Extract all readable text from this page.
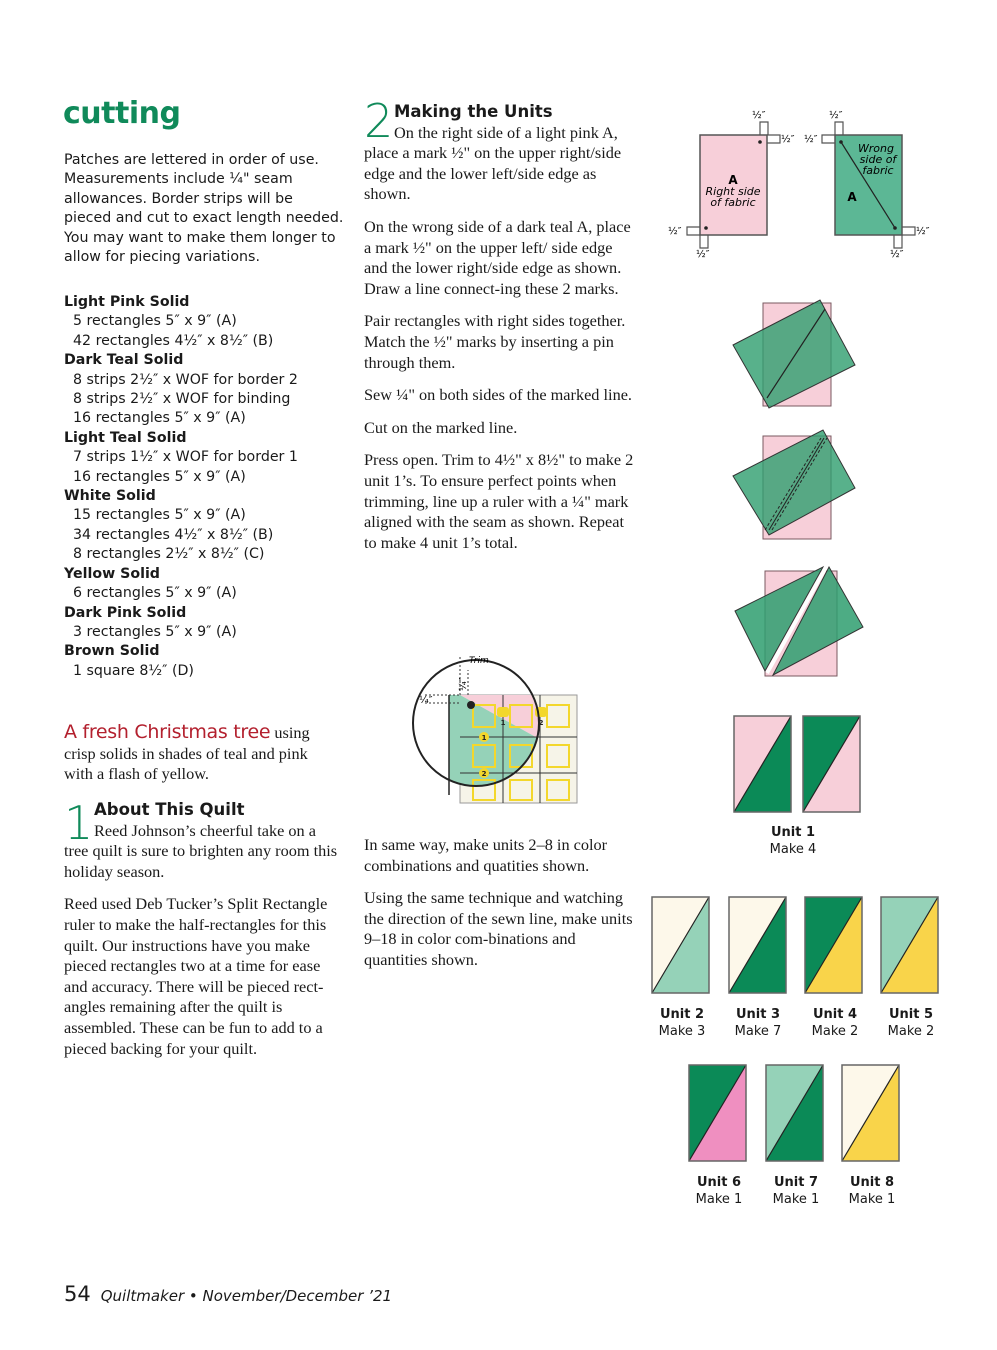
cutting
Patches are lettered in order of use. Measurements include ¼" seam allowances. Border strips will be pieced and cut to exact length needed. You may want to make them longer to allow for piecing variations.
Light Pink Solid
5 rectangles 5″ x 9″ (A)
42 rectangles 4½″ x 8½″ (B)
Dark Teal Solid
8 strips 2½″ x WOF for border 2
8 strips 2½″ x WOF for binding
16 rectangles 5″ x 9″ (A)
Light Teal Solid
7 strips 1½″ x WOF for border 1
16 rectangles 5″ x 9″ (A)
White Solid
15 rectangles 5″ x 9″ (A)
34 rectangles 4½″ x 8½″ (B)
8 rectangles 2½″ x 8½″ (C)
Yellow Solid
6 rectangles 5″ x 9″ (A)
Dark Pink Solid
3 rectangles 5″ x 9″ (A)
Brown Solid
1 square 8½″ (D)
A fresh Christmas tree using crisp solids in shades of teal and pink with a flash of yellow.
1 About This Quilt

Reed Johnson’s cheerful take on a tree quilt is sure to brighten any room this holiday season.

Reed used Deb Tucker’s Split Rectangle ruler to make the half-rectangles for this quilt. Our instructions have you make pieced rectangles two at a time for ease and accuracy. There will be pieced rect-angles remaining after the quilt is assembled. These can be fun to add to a pieced backing for your quilt.

2 Making the Units

On the right side of a light pink A, place a mark ½" on the upper right/side edge and the lower left/side edge as shown.

On the wrong side of a dark teal A, place a mark ½" on the upper left/ side edge and the lower right/side edge as shown. Draw a line connect-ing these 2 marks.

Pair rectangles with right sides together. Match the ½" marks by inserting a pin through them.

Sew ¼" on both sides of the marked line.

Cut on the marked line.

Press open. Trim to 4½" x 8½" to make 2 unit 1’s. To ensure perfect points when trimming, line up a ruler with a ¼" mark aligned with the seam as shown. Repeat to make 4 unit 1’s total.

1	2
1
2
Trim
¼″
¼″

In same way, make units 2–8 in color combinations and quatities shown.

Using the same technique and watching the direction of the sewn line, make units 9–18 in color com-binations and quantities shown.

½″
½″
½″
½″
A
Right side
of fabric
½″
½″
½″
½″
Wrong
side of
fabric
A
Unit 1
Make 4
Unit 2
Make 3
Unit 3
Make 7
Unit 4
Make 2
Unit 5
Make 2
Unit 6
Make 1
Unit 7
Make 1
Unit 8
Make 1
54 Quiltmaker • November/December ’21
